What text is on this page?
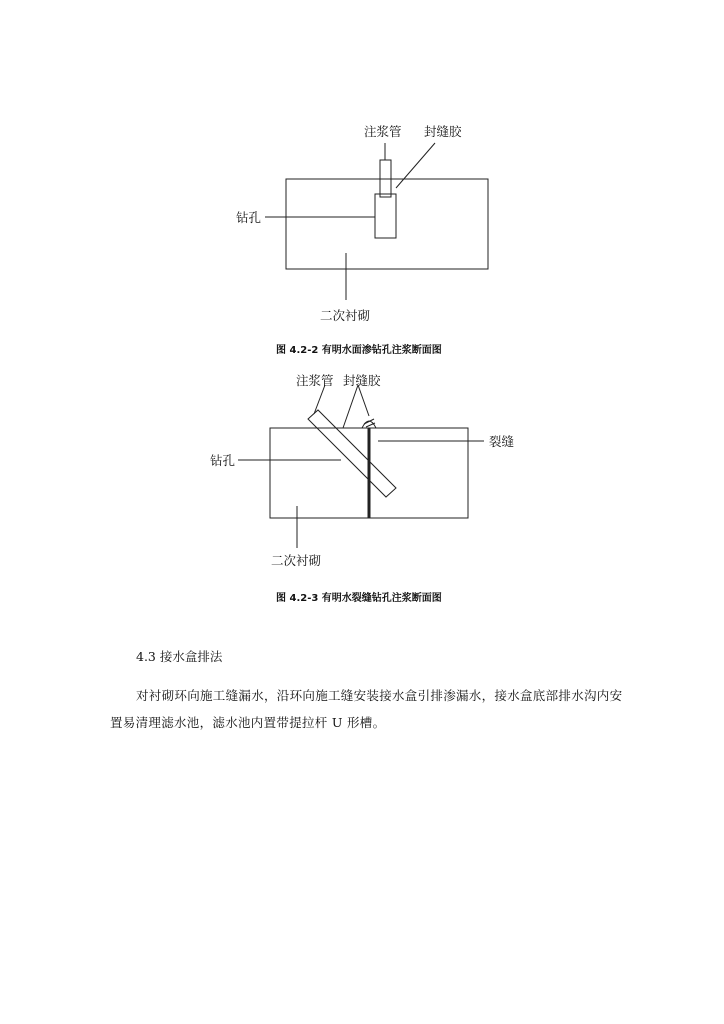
注浆管 封缝胶
钻孔
二次衬砌
注浆管 封缝胶
裂缝
钻孔
二次衬砌
图 4.2-2 有明水面渗钻孔注浆断面图
图 4.2-3 有明水裂缝钻孔注浆断面图
4.3 接水盒排法
对衬砌环向施工缝漏水，沿环向施工缝安装接水盒引排渗漏水，接水盒底部排水沟内安置易清理滤水池，滤水池内置带提拉杆 U 形槽。
